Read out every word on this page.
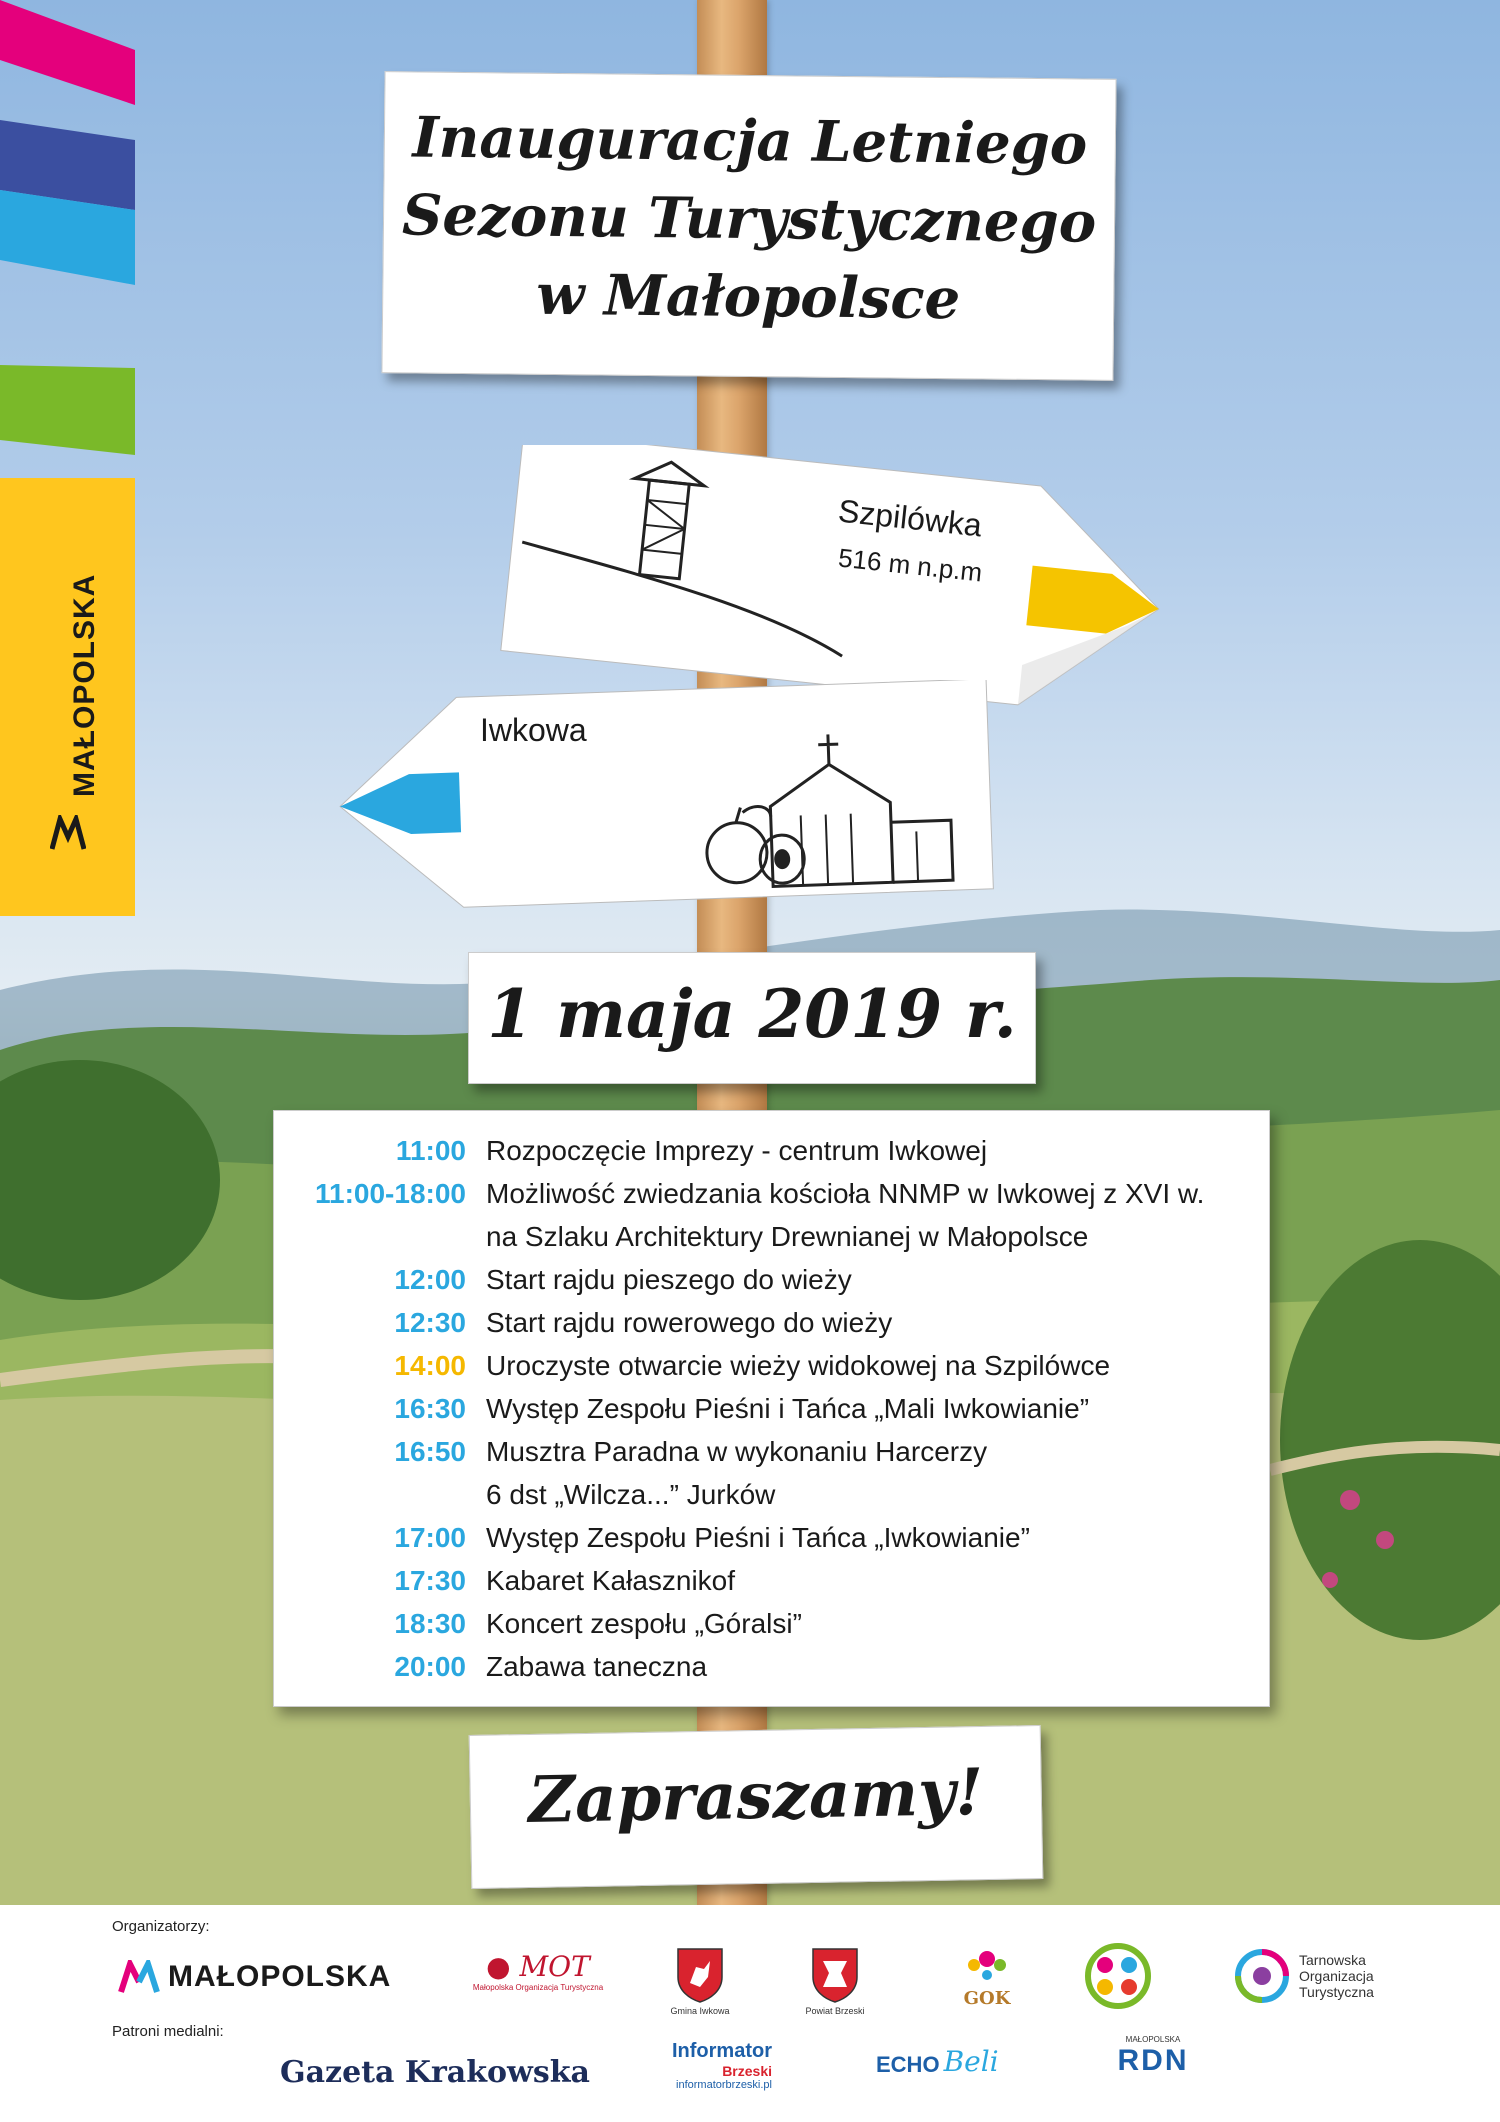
MAŁOPOLSKA
Inauguracja Letniego
Sezonu Turystycznego
w Małopolsce
Szpilówka
516 m n.p.m
Iwkowa
1 maja 2019 r.
11:00 Rozpoczęcie Imprezy - centrum Iwkowej
11:00-18:00 Możliwość zwiedzania kościoła NNMP w Iwkowej z XVI w.
na Szlaku Architektury Drewnianej w Małopolsce
12:00 Start rajdu pieszego do wieży
12:30 Start rajdu rowerowego do wieży
14:00 Uroczyste otwarcie wieży widokowej na Szpilówce
16:30 Występ Zespołu Pieśni i Tańca „Mali Iwkowianie”
16:50 Musztra Paradna w wykonaniu Harcerzy
6 dst „Wilcza...” Jurków
17:00 Występ Zespołu Pieśni i Tańca „Iwkowianie”
17:30 Kabaret Kałasznikof
18:30 Koncert zespołu „Góralsi”
20:00 Zabawa taneczna
Zapraszamy!
Organizatorzy:
Patroni medialni:
MAŁOPOLSKA	● MOT
Małopolska Organizacja Turystyczna
Gmina Iwkowa	Powiat Brzeski
GOK
Tarnowska
Organizacja
Turystyczna
Gazeta Krakowska
Informator
Brzeski
informatorbrzeski.pl
ECHO Beli
MAŁOPOLSKA
RDN
